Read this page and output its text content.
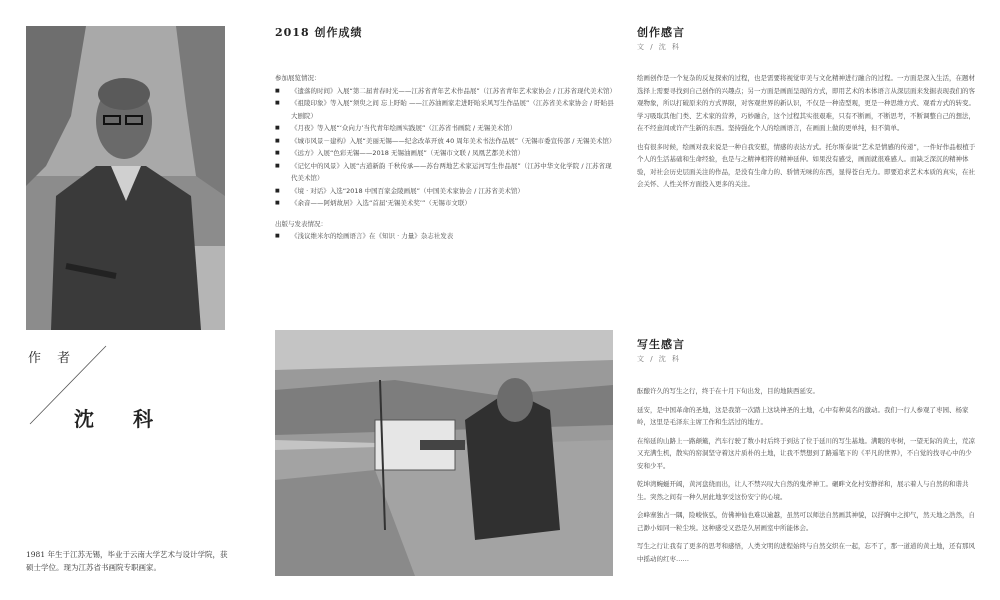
作 者
沈 科
1981 年生于江苏无锡，毕业于云南大学艺术与设计学院，获硕士学位。现为江苏省书画院专职画家。
2018 创作成绩
参加展览情况：
■ 《遗落的时间》入展“第二届青春时光——江苏省青年艺术作品展”（江苏省青年艺术家协会 / 江苏省现代美术馆）
■ 《祖陵印象》等入展“须臾之间 忘上盱眙 ——江苏油画家走进盱眙采风写生作品展”（江苏省美术家协会 / 盱眙县大剧院）
■ 《月夜》等入展“‘众向力’当代青年绘画实践展”（江苏省书画院 / 无锡美术馆）
■ 《城市风景－建构》入展“美丽无锡——纪念改革开放 40 周年美术书法作品展”（无锡市委宣传部 / 无锡美术馆）
■ 《远方》入展“色彩无锡——2018 无锡油画展”（无锡市文联 / 凤凰艺都美术馆）
■ 《记忆中的风景》入展“古道新韵 千秋传承——苏台两地艺术家运河写生作品展”（江苏中华文化学院 / 江苏省现代美术馆）
■ 《境 · 对话》入选“2018 中国百家金陵画展”（中国美术家协会 / 江苏省美术馆）
■ 《余音——阿炳故居》入选“首届‘无锡美术奖’”（无锡市文联）
出版与发表情况：
■ 《浅议维米尔的绘画语言》在《知识 · 力量》杂志社发表
创作感言
文 / 沈 科

绘画创作是一个复杂的反复探索的过程，也是需要将视觉审美与文化精神进行融合的过程。一方面是深入生活，在题材选择上需要寻找到自己创作的兴趣点；另一方面是画面呈现的方式，即用艺术的本体语言从深层面来发掘表现我们的客观物象，所以打破原来的方式界限，对客观世界的新认识，不仅是一种造型观，更是一种思维方式、观看方式的转变。学习吸取其他门类、艺术家的营养，巧妙融合，这个过程其实很艰难，只有不断画，不断思考，不断调整自己的想法，在不经意间或许产生新的东西。坚持强化个人的绘画语言，在画面上做的更单纯，但不简单。

也有很多时候，绘画对我来说是一种自我安慰，情感的表达方式。托尔斯泰说“艺术是情感的传递”，一件好作品根植于个人的生活基础和生命经验，也是与之精神相符的精神延伸。如果没有感受，画面就很难感人。而缺乏深沉的精神体验，对社会历史层面关注的作品，是没有生命力的、骄情无味的东西，显得苍白无力。即要追求艺术本质的真实，在社会关怀、人性关怀方面投入更多的关注。

写生感言
文 / 沈 科

酝酿许久的写生之行，终于在十月下旬出发，目的地陕西延安。

延安，是中国革命的圣地，这是我第一次踏上这块神圣的土地，心中有种莫名的激动。我们一行人参观了枣园、杨家岭，这里是毛泽东主席工作和生活过的地方。

在绵延的山路上一路颠簸，汽车行驶了数小时后终于到达了位于延川的写生基地。满眼的枣树，一望无际的黄土，荒凉又充满生机，散实的窑洞坚守着这片质朴的土地，让我不禁想到了路遥笔下的《平凡的世界》，不自觉的找寻心中的少安和少平。

乾坤湾蜿蜒开阔，黄河盘绕而出，让人不禁兴叹大自然的鬼斧神工。碾畔文化村安静祥和，展示着人与自然的和谐共生。突然之间有一种久居此地享受这份安宁的心境。

会峰寨独占一隅，险峻恢弘，仿佛神仙也难以逾越，虽然可以师法自然画其神貌，以抒胸中之抑气，然天地之浩然，自己渺小如同一粒尘埃。这种感受又恐是久居画室中所能体会。

写生之行让我有了更多的思考和感悟，人类文明的进程始终与自然交织在一起，忘不了，那一道道的黄土地，还有那风中摇动的红枣……
